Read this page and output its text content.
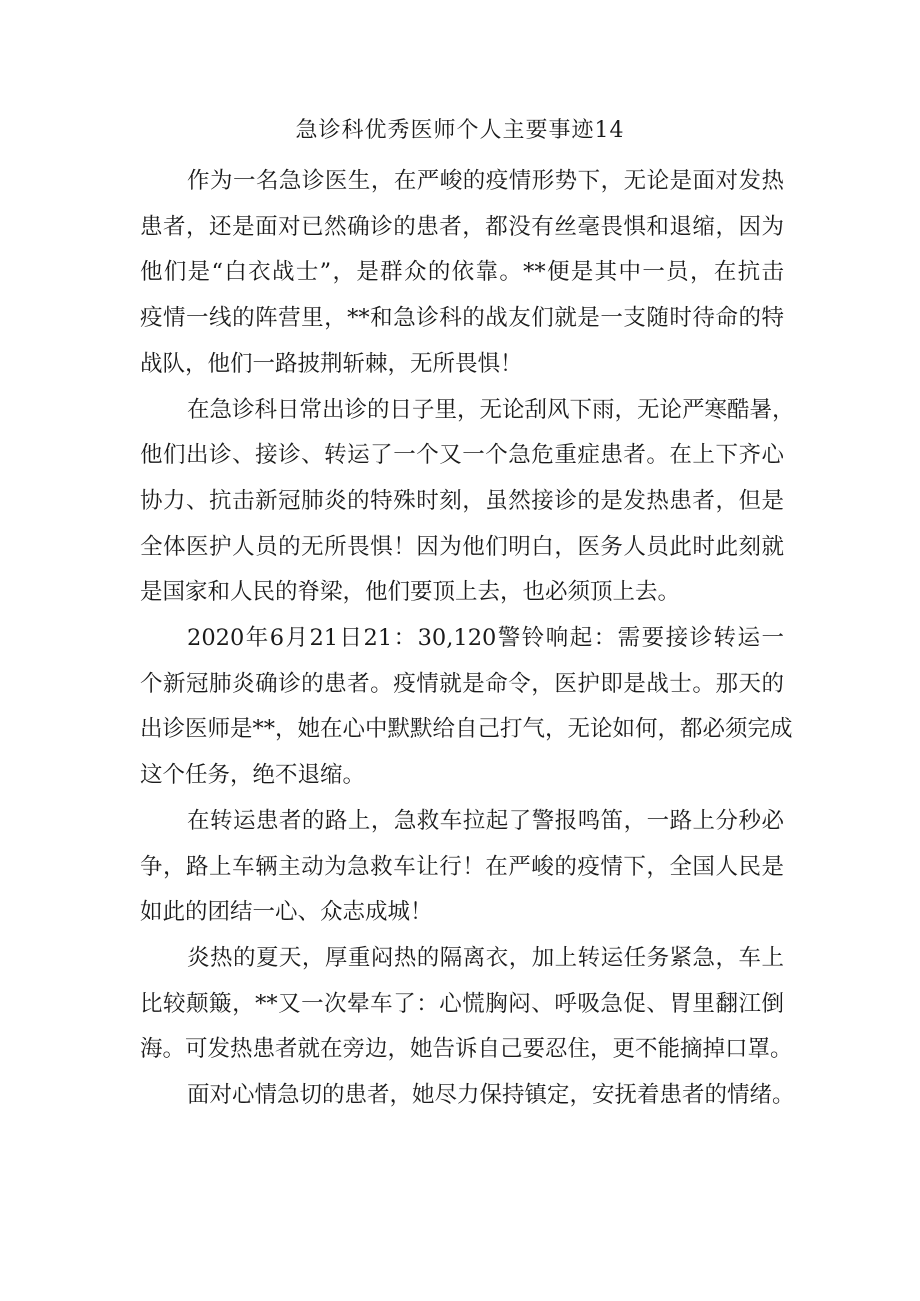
急诊科优秀医师个人主要事迹14
作为一名急诊医生，在严峻的疫情形势下，无论是面对发热
患者，还是面对已然确诊的患者，都没有丝毫畏惧和退缩，因为
他们是“白衣战士”，是群众的依靠。**便是其中一员，在抗击
疫情一线的阵营里，**和急诊科的战友们就是一支随时待命的特
战队，他们一路披荆斩棘，无所畏惧！
在急诊科日常出诊的日子里，无论刮风下雨，无论严寒酷暑，
他们出诊、接诊、转运了一个又一个急危重症患者。在上下齐心
协力、抗击新冠肺炎的特殊时刻，虽然接诊的是发热患者，但是
全体医护人员的无所畏惧！因为他们明白，医务人员此时此刻就
是国家和人民的脊梁，他们要顶上去，也必须顶上去。
2020年6月21日21：30,120警铃响起：需要接诊转运一
个新冠肺炎确诊的患者。疫情就是命令，医护即是战士。那天的
出诊医师是**，她在心中默默给自己打气，无论如何，都必须完成
这个任务，绝不退缩。
在转运患者的路上，急救车拉起了警报鸣笛，一路上分秒必
争，路上车辆主动为急救车让行！在严峻的疫情下，全国人民是
如此的团结一心、众志成城！
炎热的夏天，厚重闷热的隔离衣，加上转运任务紧急，车上
比较颠簸，**又一次晕车了：心慌胸闷、呼吸急促、胃里翻江倒
海。可发热患者就在旁边，她告诉自己要忍住，更不能摘掉口罩。
面对心情急切的患者，她尽力保持镇定，安抚着患者的情绪。
